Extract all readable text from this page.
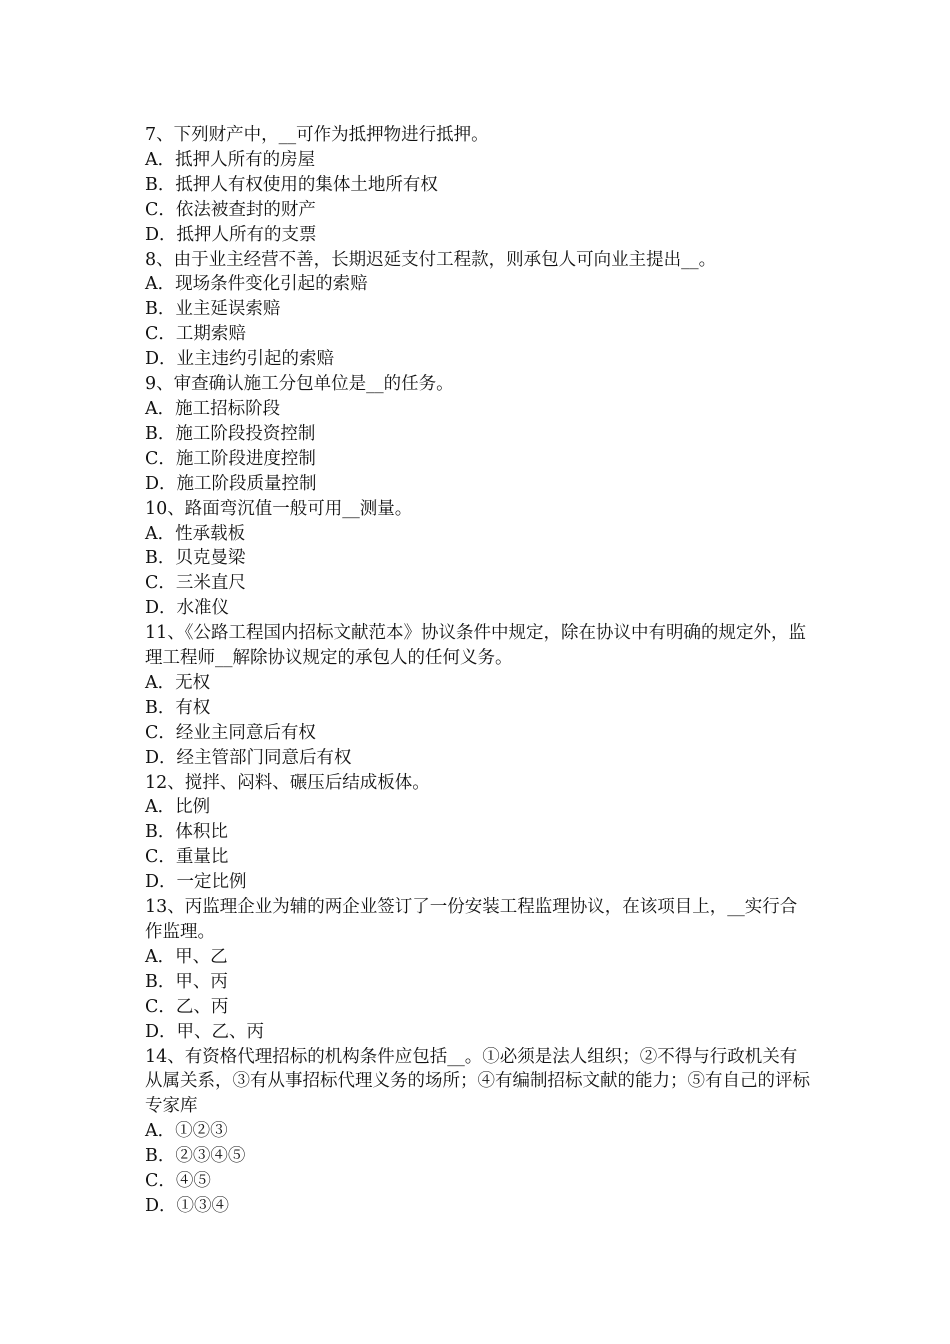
7、下列财产中，__可作为抵押物进行抵押。

A．抵押人所有的房屋

B．抵押人有权使用的集体土地所有权

C．依法被查封的财产

D．抵押人所有的支票

8、由于业主经营不善，长期迟延支付工程款，则承包人可向业主提出__。

A．现场条件变化引起的索赔

B．业主延误索赔

C．工期索赔

D．业主违约引起的索赔

9、审查确认施工分包单位是__的任务。

A．施工招标阶段

B．施工阶段投资控制

C．施工阶段进度控制

D．施工阶段质量控制

10、路面弯沉值一般可用__测量。

A．性承载板

B．贝克曼梁

C．三米直尺

D．水准仪

11、《公路工程国内招标文献范本》协议条件中规定，除在协议中有明确的规定外，监理工程师__解除协议规定的承包人的任何义务。

A．无权

B．有权

C．经业主同意后有权

D．经主管部门同意后有权

12、搅拌、闷料、碾压后结成板体。

A．比例

B．体积比

C．重量比

D．一定比例

13、丙监理企业为辅的两企业签订了一份安装工程监理协议，在该项目上，__实行合作监理。

A．甲、乙

B．甲、丙

C．乙、丙

D．甲、乙、丙

14、有资格代理招标的机构条件应包括__。①必须是法人组织；②不得与行政机关有从属关系，③有从事招标代理义务的场所；④有编制招标文献的能力；⑤有自己的评标专家库

A．①②③

B．②③④⑤

C．④⑤

D．①③④
